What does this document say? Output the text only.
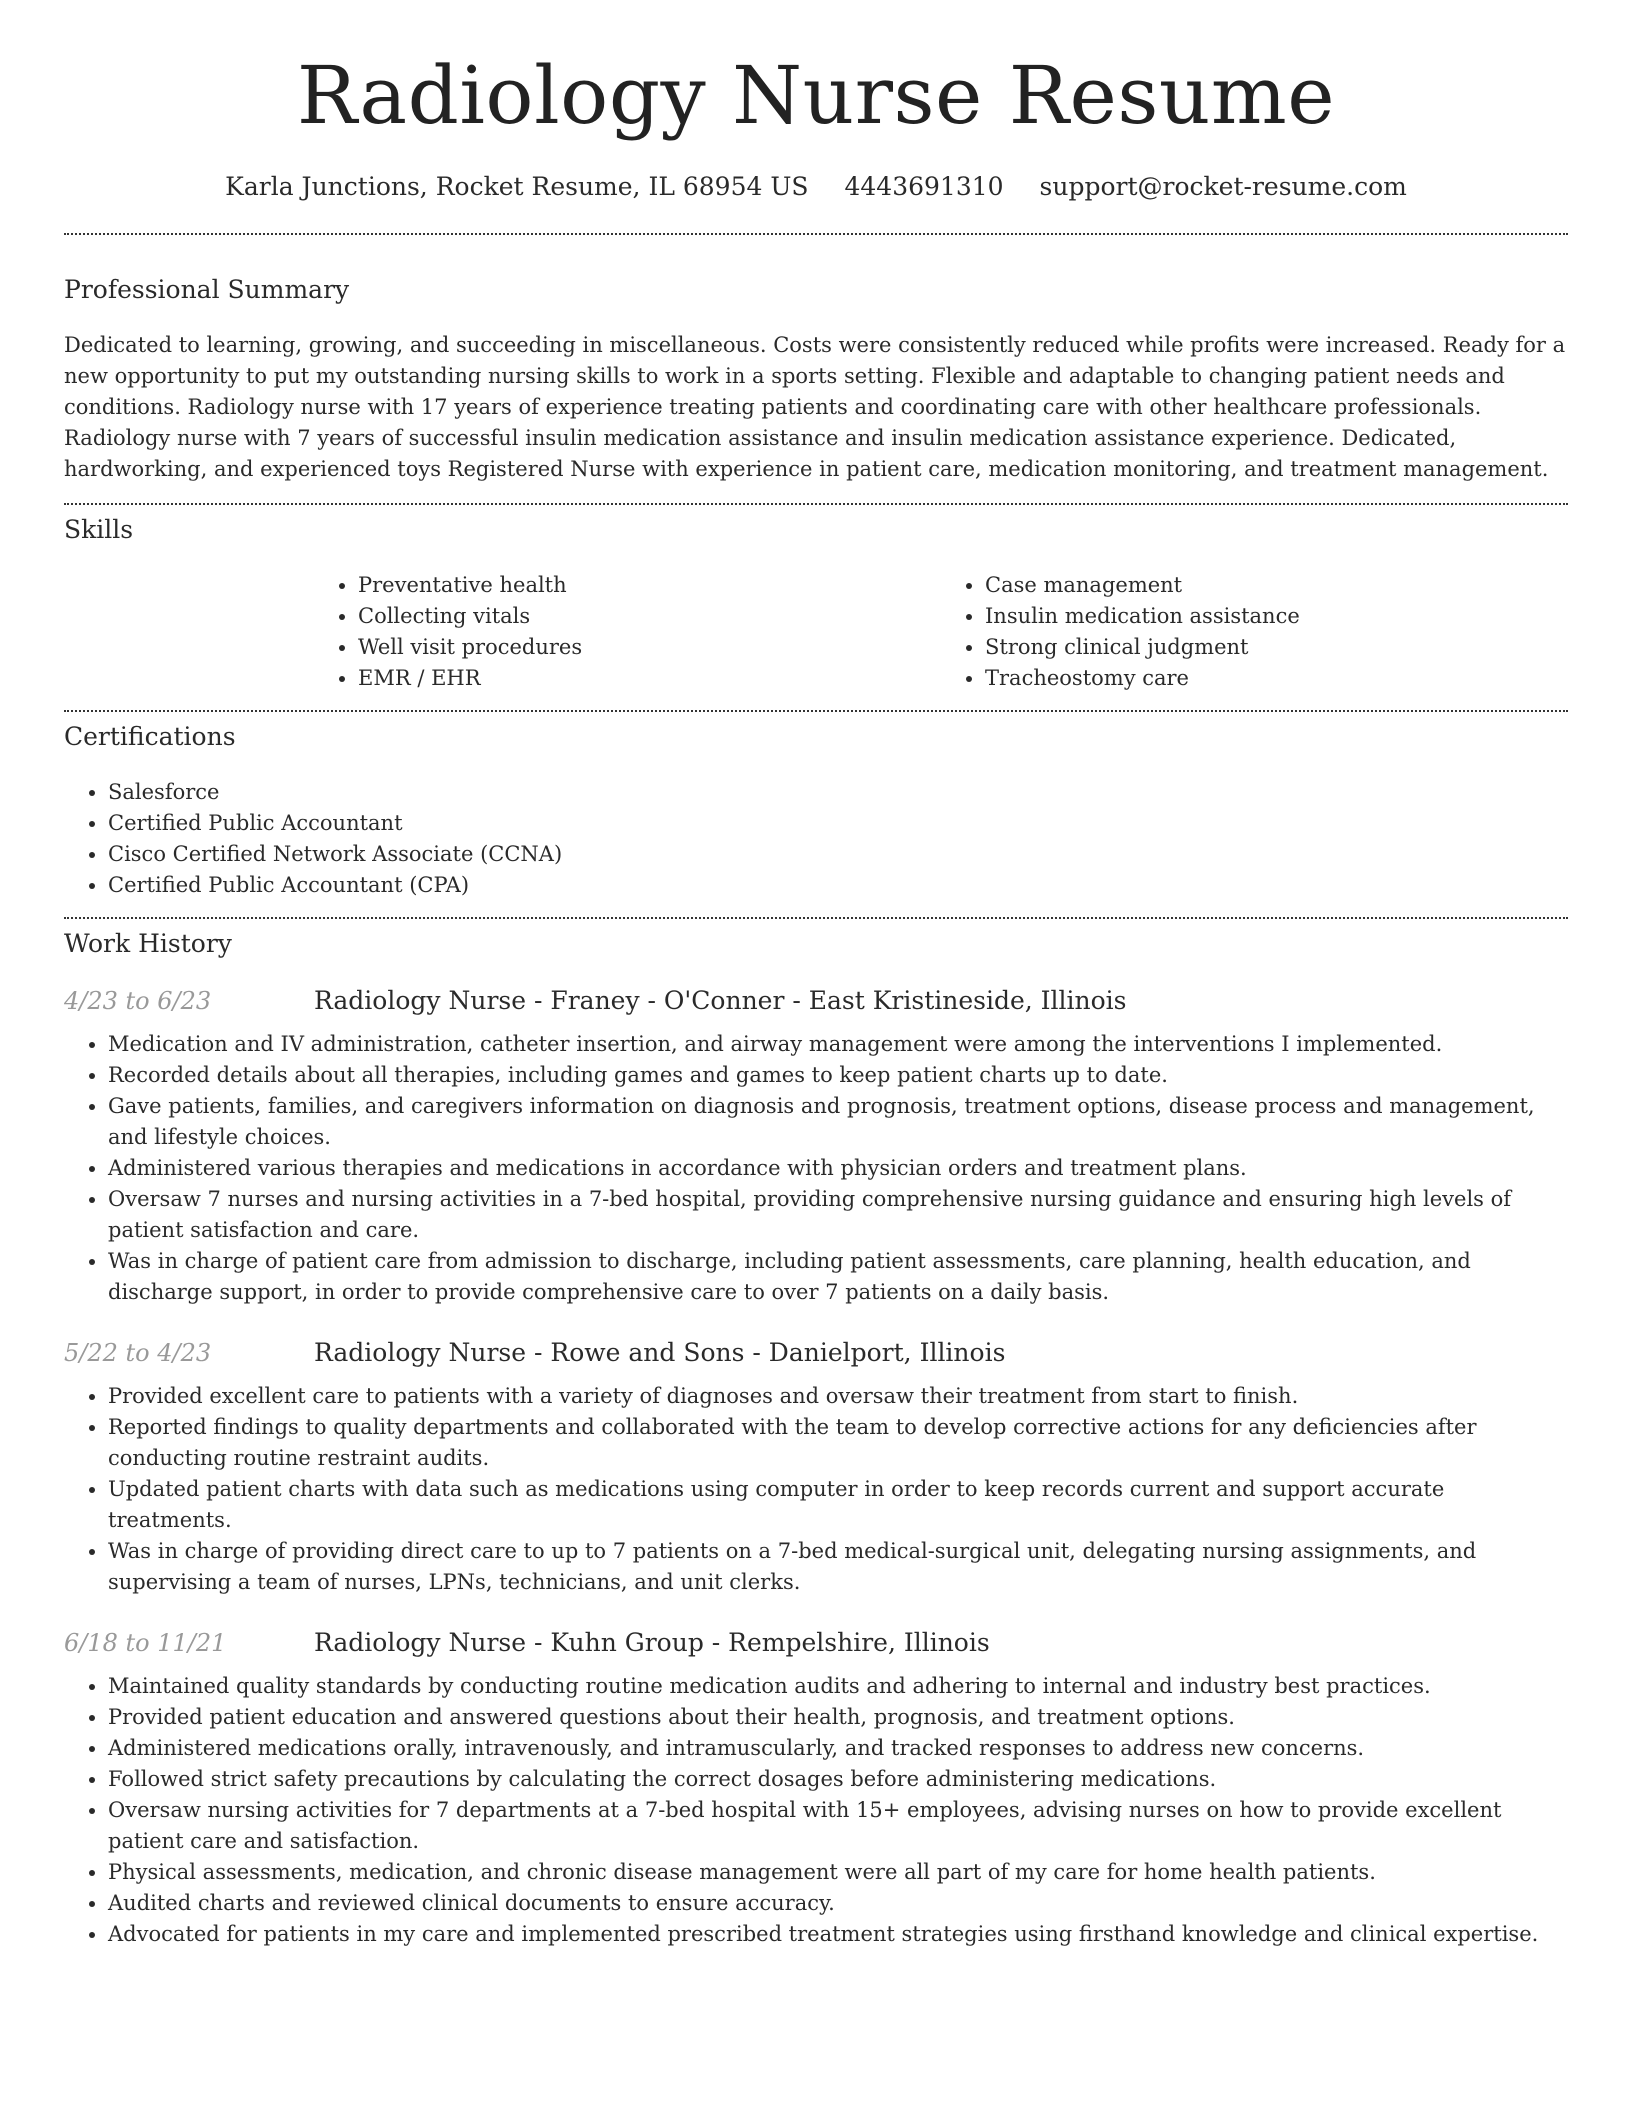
Radiology Nurse Resume
Karla Junctions, Rocket Resume, IL 68954 US 4443691310 support@rocket-resume.com
Professional Summary

Dedicated to learning, growing, and succeeding in miscellaneous. Costs were consistently reduced while profits were increased. Ready for a new opportunity to put my outstanding nursing skills to work in a sports setting. Flexible and adaptable to changing patient needs and conditions. Radiology nurse with 17 years of experience treating patients and coordinating care with other healthcare professionals. Radiology nurse with 7 years of successful insulin medication assistance and insulin medication assistance experience. Dedicated, hardworking, and experienced toys Registered Nurse with experience in patient care, medication monitoring, and treatment management.

Skills
• Preventative health
• Collecting vitals
• Well visit procedures
• EMR / EHR
• Case management
• Insulin medication assistance
• Strong clinical judgment
• Tracheostomy care
Certifications
• Salesforce
• Certified Public Accountant
• Cisco Certified Network Associate (CCNA)
• Certified Public Accountant (CPA)
Work History
4/23 to 6/23	Radiology Nurse - Franey - O'Conner - East Kristineside, Illinois
• Medication and IV administration, catheter insertion, and airway management were among the interventions I implemented.
• Recorded details about all therapies, including games and games to keep patient charts up to date.
• Gave patients, families, and caregivers information on diagnosis and prognosis, treatment options, disease process and management, and lifestyle choices.
• Administered various therapies and medications in accordance with physician orders and treatment plans.
• Oversaw 7 nurses and nursing activities in a 7-bed hospital, providing comprehensive nursing guidance and ensuring high levels of patient satisfaction and care.
• Was in charge of patient care from admission to discharge, including patient assessments, care planning, health education, and discharge support, in order to provide comprehensive care to over 7 patients on a daily basis.
5/22 to 4/23	Radiology Nurse - Rowe and Sons - Danielport, Illinois
• Provided excellent care to patients with a variety of diagnoses and oversaw their treatment from start to finish.
• Reported findings to quality departments and collaborated with the team to develop corrective actions for any deficiencies after conducting routine restraint audits.
• Updated patient charts with data such as medications using computer in order to keep records current and support accurate treatments.
• Was in charge of providing direct care to up to 7 patients on a 7-bed medical-surgical unit, delegating nursing assignments, and supervising a team of nurses, LPNs, technicians, and unit clerks.
6/18 to 11/21	Radiology Nurse - Kuhn Group - Rempelshire, Illinois
• Maintained quality standards by conducting routine medication audits and adhering to internal and industry best practices.
• Provided patient education and answered questions about their health, prognosis, and treatment options.
• Administered medications orally, intravenously, and intramuscularly, and tracked responses to address new concerns.
• Followed strict safety precautions by calculating the correct dosages before administering medications.
• Oversaw nursing activities for 7 departments at a 7-bed hospital with 15+ employees, advising nurses on how to provide excellent patient care and satisfaction.
• Physical assessments, medication, and chronic disease management were all part of my care for home health patients.
• Audited charts and reviewed clinical documents to ensure accuracy.
• Advocated for patients in my care and implemented prescribed treatment strategies using firsthand knowledge and clinical expertise.
